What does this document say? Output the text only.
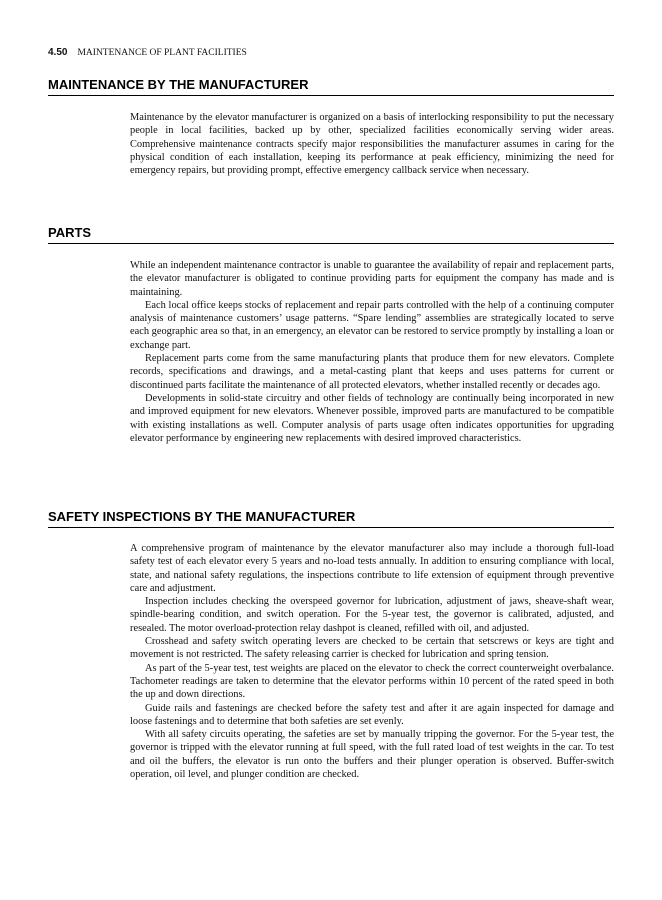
4.50 MAINTENANCE OF PLANT FACILITIES
MAINTENANCE BY THE MANUFACTURER

Maintenance by the elevator manufacturer is organized on a basis of interlocking responsibility to put the necessary people in local facilities, backed up by other, specialized facilities economically serving wider areas. Comprehensive maintenance contracts specify major responsibilities the manufacturer assumes in caring for the physical condition of each installation, keeping its performance at peak efficiency, minimizing the need for emergency repairs, but providing prompt, effective emergency callback service when necessary.

PARTS

While an independent maintenance contractor is unable to guarantee the availability of repair and replacement parts, the elevator manufacturer is obligated to continue providing parts for equipment the company has made and is maintaining.

Each local office keeps stocks of replacement and repair parts controlled with the help of a continuing computer analysis of maintenance customers’ usage patterns. “Spare lending” assemblies are strategically located to serve each geographic area so that, in an emergency, an elevator can be restored to service promptly by installing a loan or exchange part.

Replacement parts come from the same manufacturing plants that produce them for new elevators. Complete records, specifications and drawings, and a metal-casting plant that keeps and uses patterns for current or discontinued parts facilitate the maintenance of all protected elevators, whether installed recently or decades ago.

Developments in solid-state circuitry and other fields of technology are continually being incorporated in new and improved equipment for new elevators. Whenever possible, improved parts are manufactured to be compatible with existing installations as well. Computer analysis of parts usage often indicates opportunities for upgrading elevator performance by engineering new replacements with desired improved characteristics.

SAFETY INSPECTIONS BY THE MANUFACTURER

A comprehensive program of maintenance by the elevator manufacturer also may include a thorough full-load safety test of each elevator every 5 years and no-load tests annually. In addition to ensuring compliance with local, state, and national safety regulations, the inspections contribute to life extension of equipment through preventive care and adjustment.

Inspection includes checking the overspeed governor for lubrication, adjustment of jaws, sheave-shaft wear, spindle-bearing condition, and switch operation. For the 5-year test, the governor is calibrated, adjusted, and resealed. The motor overload-protection relay dashpot is cleaned, refilled with oil, and adjusted.

Crosshead and safety switch operating levers are checked to be certain that setscrews or keys are tight and movement is not restricted. The safety releasing carrier is checked for lubrication and spring tension.

As part of the 5-year test, test weights are placed on the elevator to check the correct counterweight overbalance. Tachometer readings are taken to determine that the elevator performs within 10 percent of the rated speed in both the up and down directions.

Guide rails and fastenings are checked before the safety test and after it are again inspected for damage and loose fastenings and to determine that both safeties are set evenly.

With all safety circuits operating, the safeties are set by manually tripping the governor. For the 5-year test, the governor is tripped with the elevator running at full speed, with the full rated load of test weights in the car. To test and oil the buffers, the elevator is run onto the buffers and their plunger operation is observed. Buffer-switch operation, oil level, and plunger condition are checked.
